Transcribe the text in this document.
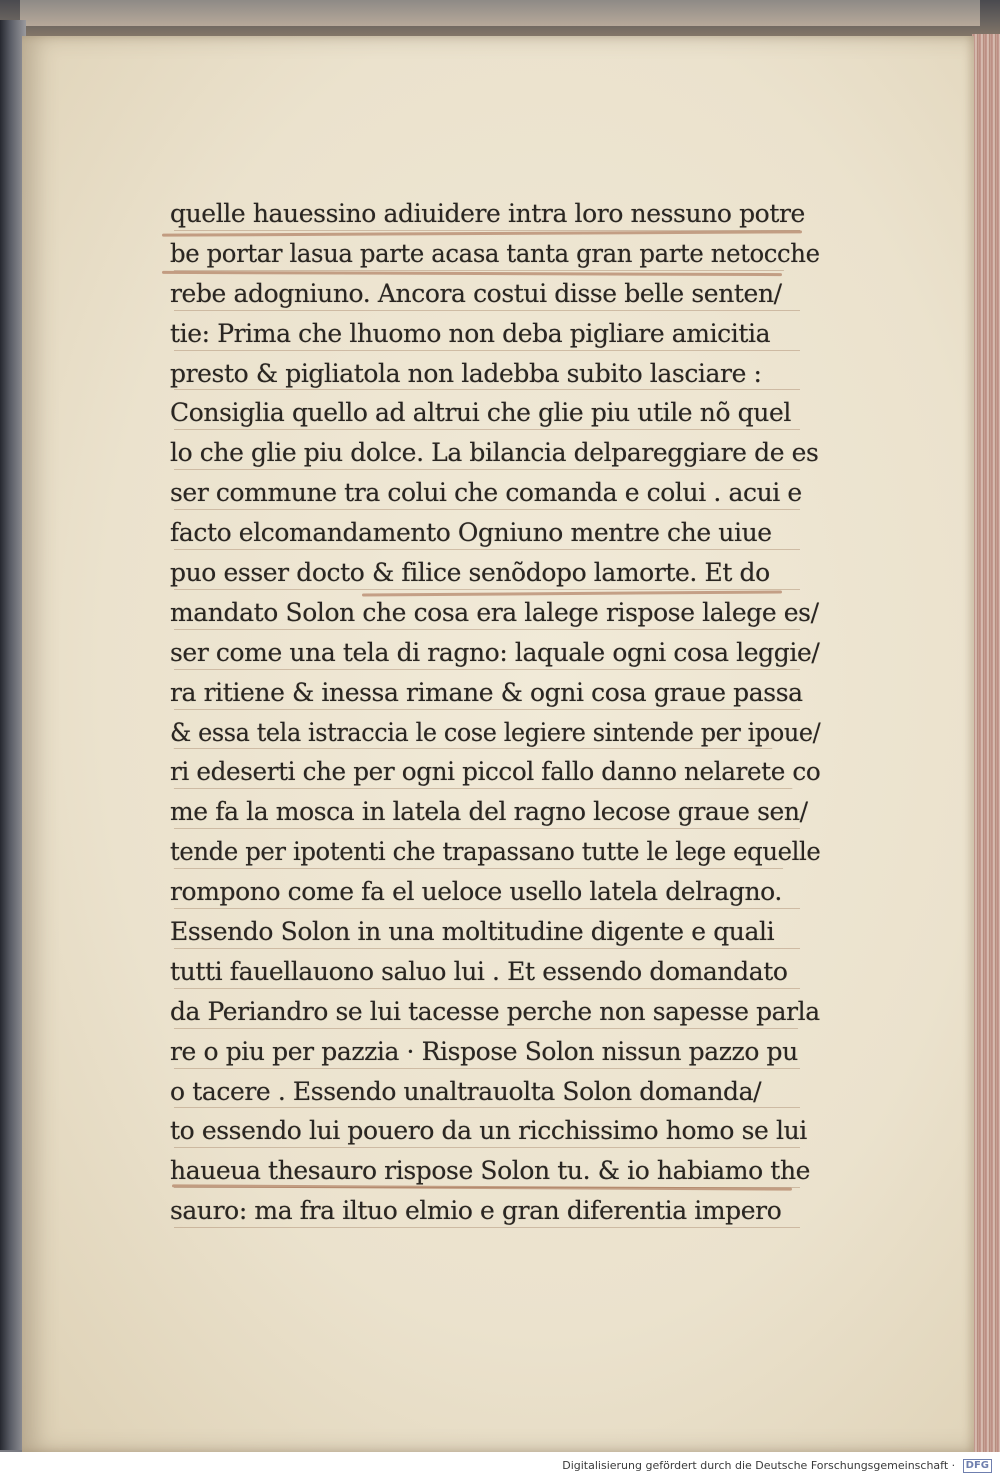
quelle hauessino adiuidere intra loro nessuno potre
be portar lasua parte acasa tanta gran parte netocche
rebe adogniuno. Ancora costui disse belle senten/
tie: Prima che lhuomo non deba pigliare amicitia
presto & pigliatola non ladebba subito lasciare :
Consiglia quello ad altrui che glie piu utile nõ quel
lo che glie piu dolce. La bilancia delpareggiare de es
ser commune tra colui che comanda e colui . acui e
facto elcomandamento Ogniuno mentre che uiue
puo esser docto & filice senõdopo lamorte. Et do
mandato Solon che cosa era lalege rispose lalege es/
ser come una tela di ragno: laquale ogni cosa leggie/
ra ritiene & inessa rimane & ogni cosa graue passa
& essa tela istraccia le cose legiere sintende per ipoue/
ri edeserti che per ogni piccol fallo danno nelarete co
me fa la mosca in latela del ragno lecose graue sen/
tende per ipotenti che trapassano tutte le lege equelle
rompono come fa el ueloce usello latela delragno.
Essendo Solon in una moltitudine digente e quali
tutti fauellauono saluo lui . Et essendo domandato
da Periandro se lui tacesse perche non sapesse parla
re o piu per pazzia · Rispose Solon nissun pazzo pu
o tacere . Essendo unaltrauolta Solon domanda/
to essendo lui pouero da un ricchissimo homo se lui
haueua thesauro rispose Solon tu. & io habiamo the
sauro: ma fra iltuo elmio e gran diferentia impero
Digitalisierung gefördert durch die Deutsche Forschungsgemeinschaft · DFG
